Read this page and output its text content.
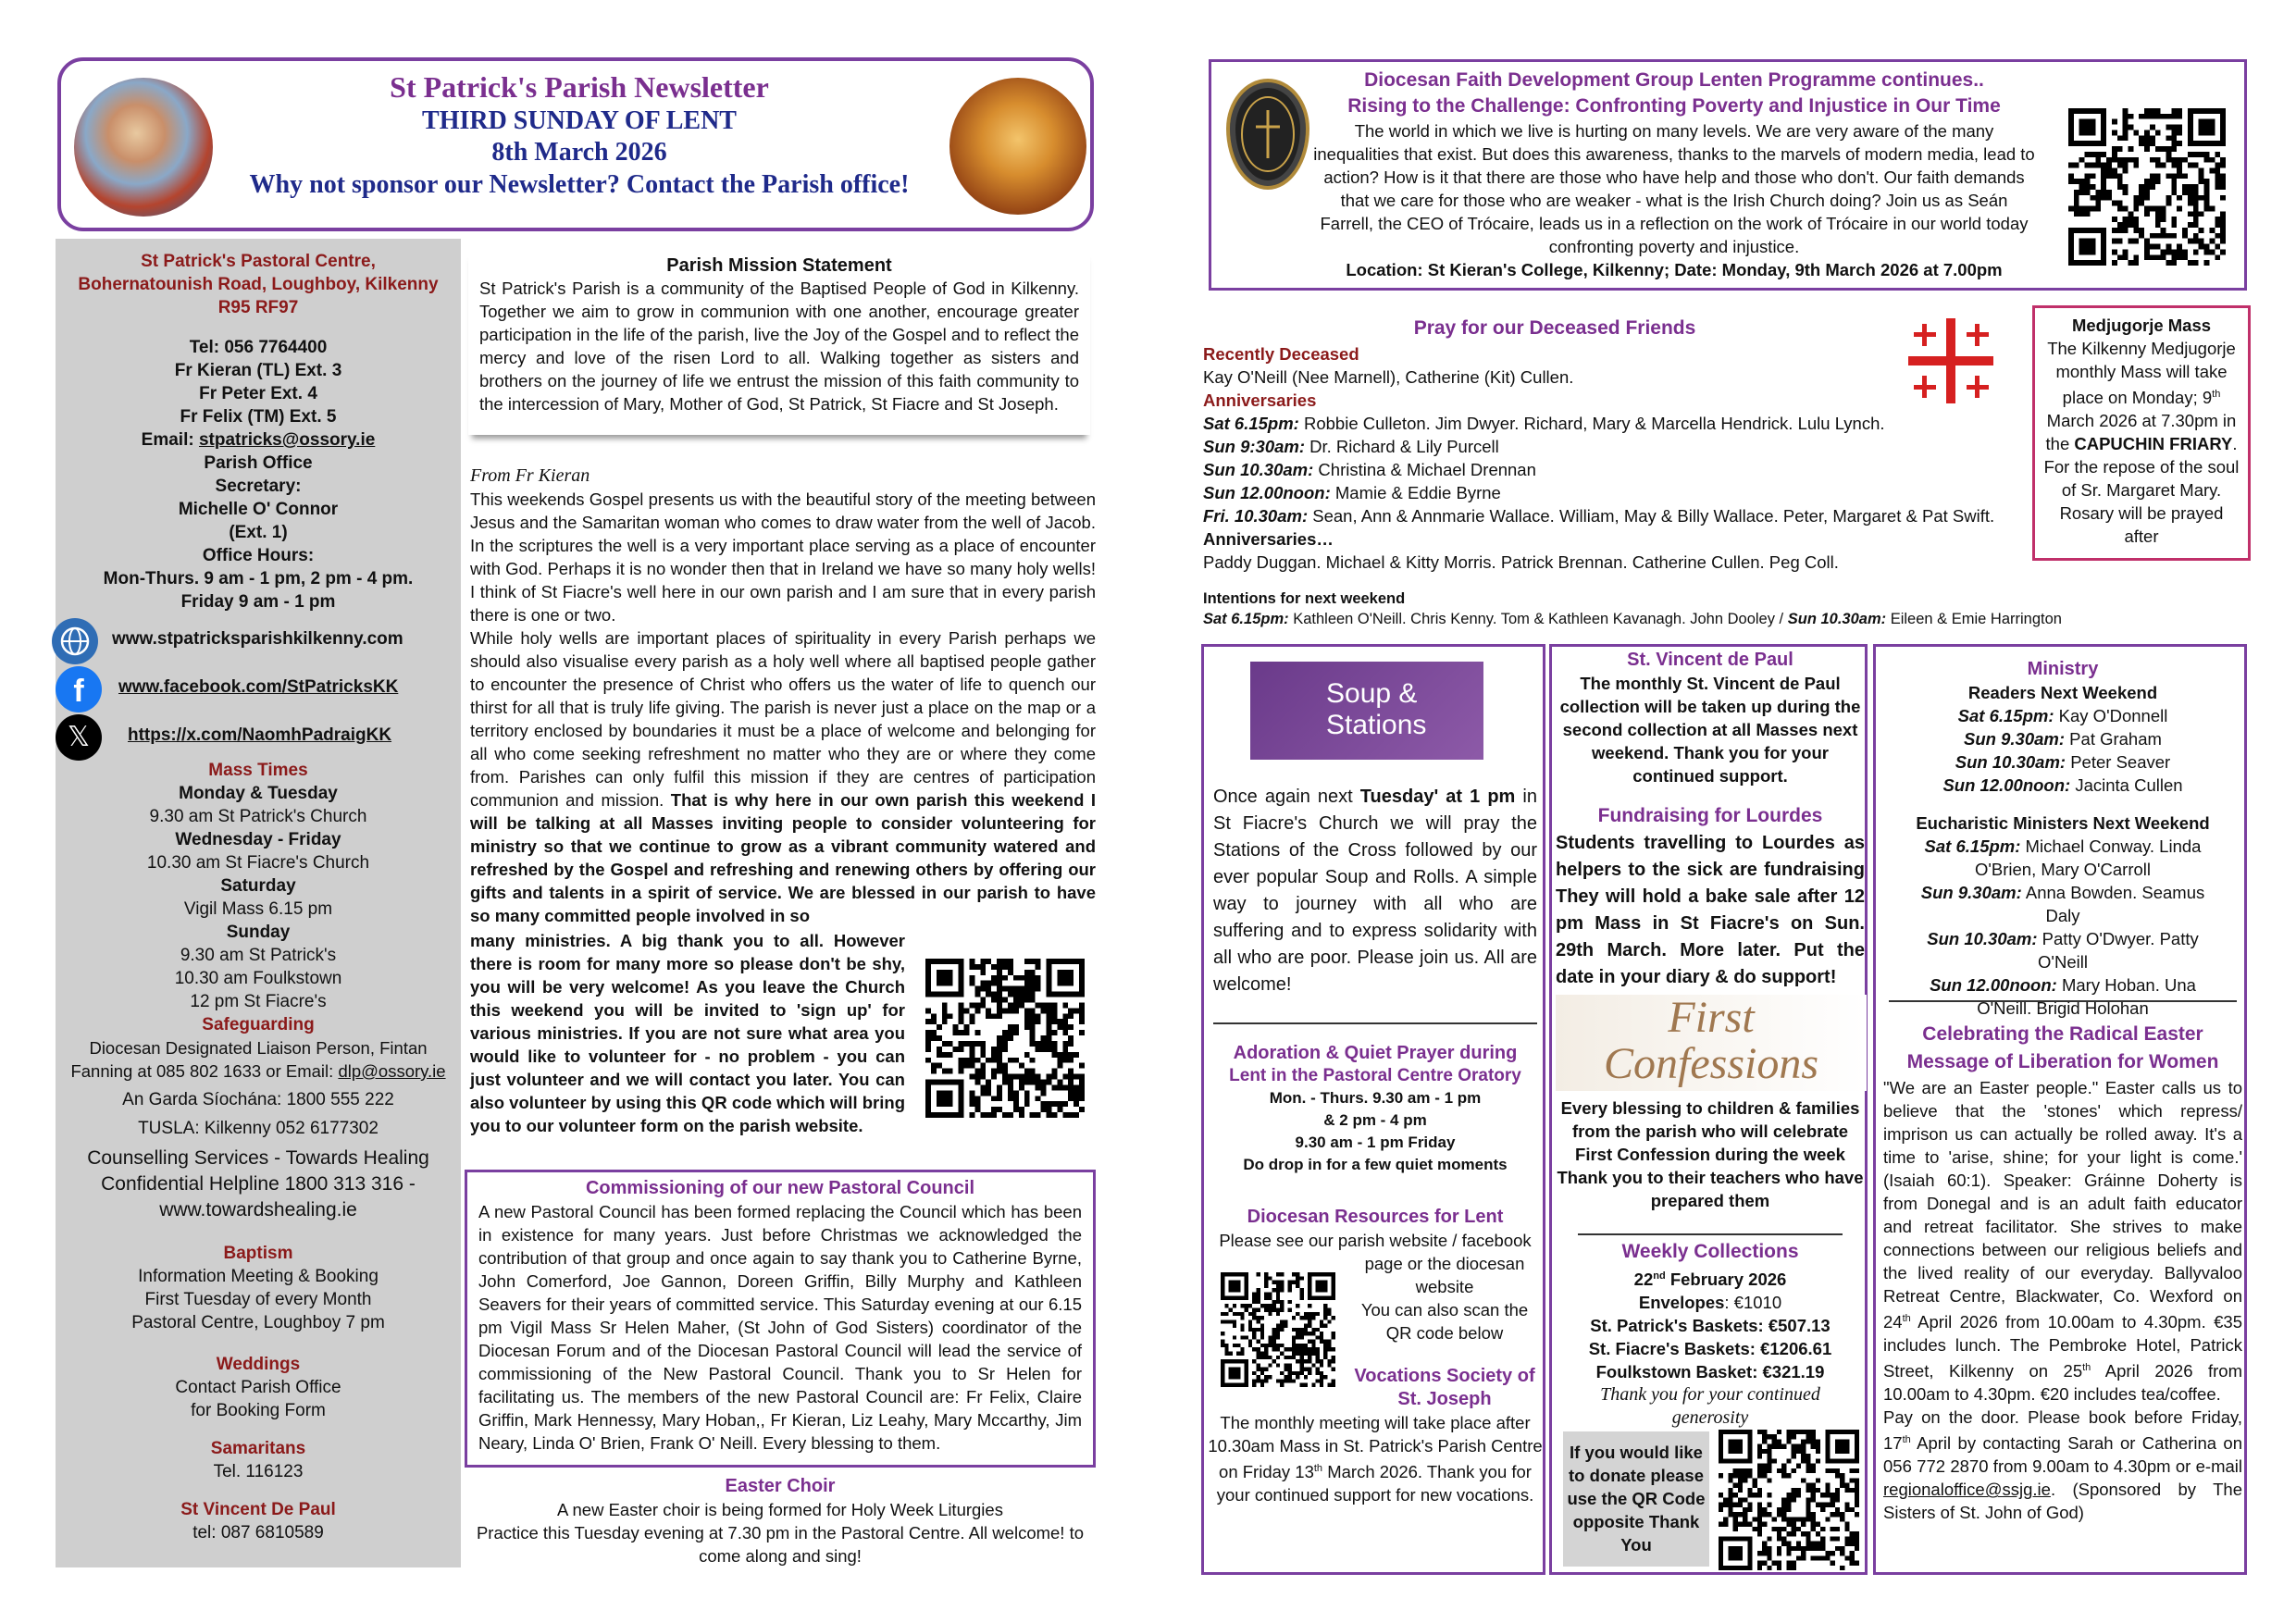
St Patrick's Parish Newsletter
THIRD SUNDAY OF LENT
8th March 2026
Why not sponsor our Newsletter? Contact the Parish office!
St Patrick's Pastoral Centre,
Bohernatounish Road, Loughboy, Kilkenny
R95 RF97
Tel: 056 7764400
Fr Kieran (TL) Ext. 3
Fr Peter Ext. 4
Fr Felix (TM) Ext. 5
Email: stpatricks@ossory.ie
Parish Office
Secretary:
Michelle O' Connor
(Ext. 1)
Office Hours:
Mon-Thurs. 9 am - 1 pm, 2 pm - 4 pm.
Friday 9 am - 1 pm
www.stpatricksparishkilkenny.com
f	www.facebook.com/StPatricksKK
𝕏	https://x.com/NaomhPadraigKK
Mass Times
Monday & Tuesday
9.30 am St Patrick's Church
Wednesday - Friday
10.30 am St Fiacre's Church
Saturday
Vigil Mass 6.15 pm
Sunday
9.30 am St Patrick's
10.30 am Foulkstown
12 pm St Fiacre's
Safeguarding
Diocesan Designated Liaison Person, Fintan
Fanning at 085 802 1633 or Email: dlp@ossory.ie
An Garda Síochána: 1800 555 222
TUSLA: Kilkenny 052 6177302
Counselling Services - Towards Healing
Confidential Helpline 1800 313 316 -
www.towardshealing.ie
Baptism
Information Meeting & Booking
First Tuesday of every Month
Pastoral Centre, Loughboy 7 pm
Weddings
Contact Parish Office
for Booking Form
Samaritans
Tel. 116123
St Vincent De Paul
tel: 087 6810589
Parish Mission Statement

St Patrick's Parish is a community of the Baptised People of God in Kilkenny. Together we aim to grow in communion with one another, encourage greater participation in the life of the parish, live the Joy of the Gospel and to reflect the mercy and love of the risen Lord to all. Walking together as sisters and brothers on the journey of life we entrust the mission of this faith community to the intercession of Mary, Mother of God, St Patrick, St Fiacre and St Joseph.

From Fr Kieran

This weekends Gospel presents us with the beautiful story of the meeting between Jesus and the Samaritan woman who comes to draw water from the well of Jacob. In the scriptures the well is a very important place serving as a place of encounter with God. Perhaps it is no wonder then that in Ireland we have so many holy wells! I think of St Fiacre's well here in our own parish and I am sure that in every parish there is one or two.

While holy wells are important places of spirituality in every Parish perhaps we should also visualise every parish as a holy well where all baptised people gather to encounter the presence of Christ who offers us the water of life to quench our thirst for all that is truly life giving. The parish is never just a place on the map or a territory enclosed by boundaries it must be a place of welcome and belonging for all who come seeking refreshment no matter who they are or where they come from. Parishes can only fulfil this mission if they are centres of participation communion and mission. That is why here in our own parish this weekend I will be talking at all Masses inviting people to consider volunteering for ministry so that we continue to grow as a vibrant community watered and refreshed by the Gospel and refreshing and renewing others by offering our gifts and talents in a spirit of service. We are blessed in our parish to have so many committed people involved in so

many ministries. A big thank you to all. However there is room for many more so please don't be shy, you will be very welcome! As you leave the Church this weekend you will be invited to 'sign up' for various ministries. If you are not sure what area you would like to volunteer for - no problem - you can just volunteer and we will contact you later. You can also volunteer by using this QR code which will bring you to our volunteer form on the parish website.

Commissioning of our new Pastoral Council

A new Pastoral Council has been formed replacing the Council which has been in existence for many years. Just before Christmas we acknowledged the contribution of that group and once again to say thank you to Catherine Byrne, John Comerford, Joe Gannon, Doreen Griffin, Billy Murphy and Kathleen Seavers for their years of committed service. This Saturday evening at our 6.15 pm Vigil Mass Sr Helen Maher, (St John of God Sisters) coordinator of the Diocesan Forum and of the Diocesan Pastoral Council will lead the service of commissioning of the New Pastoral Council. Thank you to Sr Helen for facilitating us. The members of the new Pastoral Council are: Fr Felix, Claire Griffin, Mark Hennessy, Mary Hoban,, Fr Kieran, Liz Leahy, Mary Mccarthy, Jim Neary, Linda O' Brien, Frank O' Neill. Every blessing to them.

Easter Choir
A new Easter choir is being formed for Holy Week Liturgies
Practice this Tuesday evening at 7.30 pm in the Pastoral Centre. All welcome! to
come along and sing!
Diocesan Faith Development Group Lenten Programme continues..
Rising to the Challenge: Confronting Poverty and Injustice in Our Time

The world in which we live is hurting on many levels. We are very aware of the many inequalities that exist. But does this awareness, thanks to the marvels of modern media, lead to action? How is it that there are those who have help and those who don't. Our faith demands that we care for those who are weaker - what is the Irish Church doing? Join us as Seán Farrell, the CEO of Trócaire, leads us in a reflection on the work of Trócaire in our world today confronting poverty and injustice.

Location: St Kieran's College, Kilkenny; Date: Monday, 9th March 2026 at 7.00pm
Pray for our Deceased Friends
Recently Deceased
Kay O'Neill (Nee Marnell), Catherine (Kit) Cullen.
Anniversaries
Sat 6.15pm: Robbie Culleton. Jim Dwyer. Richard, Mary & Marcella Hendrick. Lulu Lynch.
Sun 9:30am: Dr. Richard & Lily Purcell
Sun 10.30am: Christina & Michael Drennan
Sun 12.00noon: Mamie & Eddie Byrne
Fri. 10.30am: Sean, Ann & Annmarie Wallace. William, May & Billy Wallace. Peter, Margaret & Pat Swift.
Anniversaries…
Paddy Duggan. Michael & Kitty Morris. Patrick Brennan. Catherine Cullen. Peg Coll.
Intentions for next weekend
Sat 6.15pm: Kathleen O'Neill. Chris Kenny. Tom & Kathleen Kavanagh. John Dooley / Sun 10.30am: Eileen & Emie Harrington
Medjugorje Mass

The Kilkenny Medjugorje monthly Mass will take place on Monday; 9th March 2026 at 7.30pm in the CAPUCHIN FRIARY. For the repose of the soul of Sr. Margaret Mary. Rosary will be prayed after

Soup &
Stations

Once again next Tuesday' at 1 pm in St Fiacre's Church we will pray the Stations of the Cross followed by our ever popular Soup and Rolls. A simple way to journey with all who are suffering and to express solidarity with all who are poor. Please join us. All are welcome!

Adoration & Quiet Prayer during
Lent in the Pastoral Centre Oratory
Mon. - Thurs. 9.30 am - 1 pm
& 2 pm - 4 pm
9.30 am - 1 pm Friday
Do drop in for a few quiet moments
Diocesan Resources for Lent
Please see our parish website / facebook
page or the diocesan
website
You can also scan the
QR code below
Vocations Society of
St. Joseph

The monthly meeting will take place after 10.30am Mass in St. Patrick's Parish Centre on Friday 13th March 2026. Thank you for your continued support for new vocations.

St. Vincent de Paul

The monthly St. Vincent de Paul collection will be taken up during the second collection at all Masses next weekend. Thank you for your continued support.

Fundraising for Lourdes

Students travelling to Lourdes as helpers to the sick are fundraising They will hold a bake sale after 12 pm Mass in St Fiacre's on Sun. 29th March. More later. Put the date in your diary & do support!

First Confessions

Every blessing to children & families from the parish who will celebrate First Confession during the week Thank you to their teachers who have prepared them

Weekly Collections
22nd February 2026
Envelopes: €1010
St. Patrick's Baskets: €507.13
St. Fiacre's Baskets: €1206.61
Foulkstown Basket: €321.19
Thank you for your continued generosity
If you would like to donate please use the QR Code opposite Thank You
Ministry
Readers Next Weekend
Sat 6.15pm: Kay O'Donnell
Sun 9.30am: Pat Graham
Sun 10.30am: Peter Seaver
Sun 12.00noon: Jacinta Cullen
Eucharistic Ministers Next Weekend
Sat 6.15pm: Michael Conway. Linda O'Brien, Mary O'Carroll
Sun 9.30am: Anna Bowden. Seamus Daly
Sun 10.30am: Patty O'Dwyer. Patty O'Neill
Sun 12.00noon: Mary Hoban. Una O'Neill. Brigid Holohan
Celebrating the Radical Easter
Message of Liberation for Women

"We are an Easter people." Easter calls us to believe that the 'stones' which repress/ imprison us can actually be rolled away. It's a time to 'arise, shine; for your light is come.' (Isaiah 60:1). Speaker: Gráinne Doherty is from Donegal and is an adult faith educator and retreat facilitator. She strives to make connections between our religious beliefs and the lived reality of our everyday. Ballyvaloo Retreat Centre, Blackwater, Co. Wexford on 24th April 2026 from 10.00am to 4.30pm. €35 includes lunch. The Pembroke Hotel, Patrick Street, Kilkenny on 25th April 2026 from 10.00am to 4.30pm. €20 includes tea/coffee.

Pay on the door. Please book before Friday, 17th April by contacting Sarah or Catherina on 056 772 2870 from 9.00am to 4.30pm or e-mail regionaloffice@ssjg.ie. (Sponsored by The Sisters of St. John of God)
